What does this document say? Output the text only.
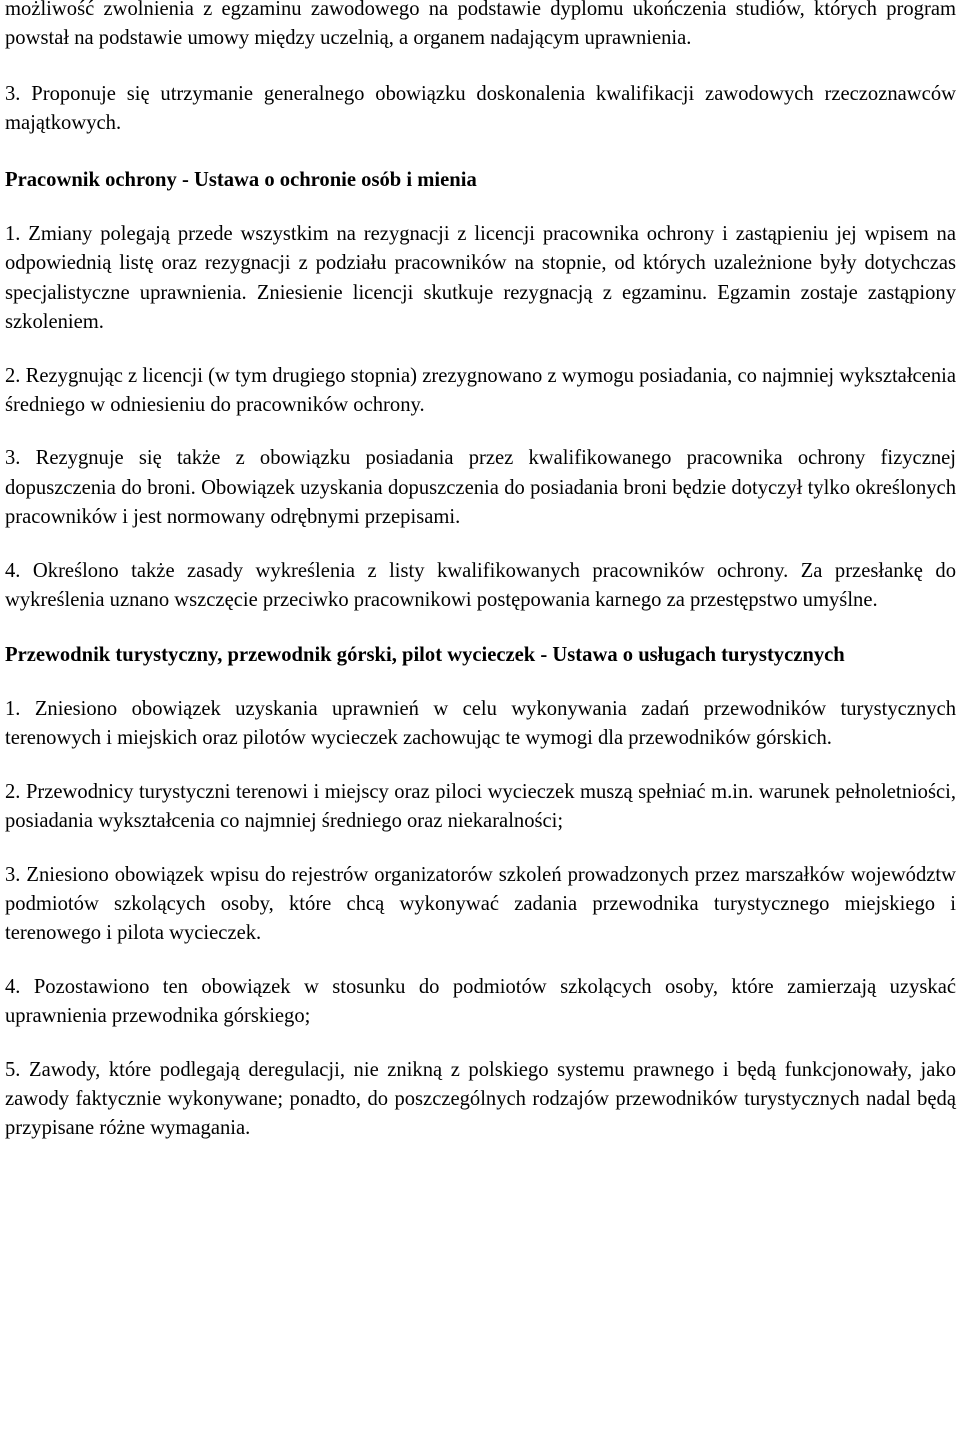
możliwość zwolnienia z egzaminu zawodowego na podstawie dyplomu ukończenia studiów, których program powstał na podstawie umowy między uczelnią, a organem nadającym uprawnienia.

3. Proponuje się utrzymanie generalnego obowiązku doskonalenia kwalifikacji zawodowych rzeczoznawców majątkowych.

Pracownik ochrony - Ustawa o ochronie osób i mienia

1. Zmiany polegają przede wszystkim na rezygnacji z licencji pracownika ochrony i zastąpieniu jej wpisem na odpowiednią listę oraz rezygnacji z podziału pracowników na stopnie, od których uzależnione były dotychczas specjalistyczne uprawnienia. Zniesienie licencji skutkuje rezygnacją z egzaminu. Egzamin zostaje zastąpiony szkoleniem.

2. Rezygnując z licencji (w tym drugiego stopnia) zrezygnowano z wymogu posiadania, co najmniej wykształcenia średniego w odniesieniu do pracowników ochrony.

3. Rezygnuje się także z obowiązku posiadania przez kwalifikowanego pracownika ochrony fizycznej dopuszczenia do broni. Obowiązek uzyskania dopuszczenia do posiadania broni będzie dotyczył tylko określonych pracowników i jest normowany odrębnymi przepisami.

4. Określono także zasady wykreślenia z listy kwalifikowanych pracowników ochrony. Za przesłankę do wykreślenia uznano wszczęcie przeciwko pracownikowi postępowania karnego za przestępstwo umyślne.

Przewodnik turystyczny, przewodnik górski, pilot wycieczek - Ustawa o usługach turystycznych

1. Zniesiono obowiązek uzyskania uprawnień w celu wykonywania zadań przewodników turystycznych terenowych i miejskich oraz pilotów wycieczek zachowując te wymogi dla przewodników górskich.

2. Przewodnicy turystyczni terenowi i miejscy oraz piloci wycieczek muszą spełniać m.in. warunek pełnoletniości, posiadania wykształcenia co najmniej średniego oraz niekaralności;

3. Zniesiono obowiązek wpisu do rejestrów organizatorów szkoleń prowadzonych przez marszałków województw podmiotów szkolących osoby, które chcą wykonywać zadania przewodnika turystycznego miejskiego i terenowego i pilota wycieczek.

4. Pozostawiono ten obowiązek w stosunku do podmiotów szkolących osoby, które zamierzają uzyskać uprawnienia przewodnika górskiego;

5. Zawody, które podlegają deregulacji, nie znikną z polskiego systemu prawnego i będą funkcjonowały, jako zawody faktycznie wykonywane; ponadto, do poszczególnych rodzajów przewodników turystycznych nadal będą przypisane różne wymagania.
